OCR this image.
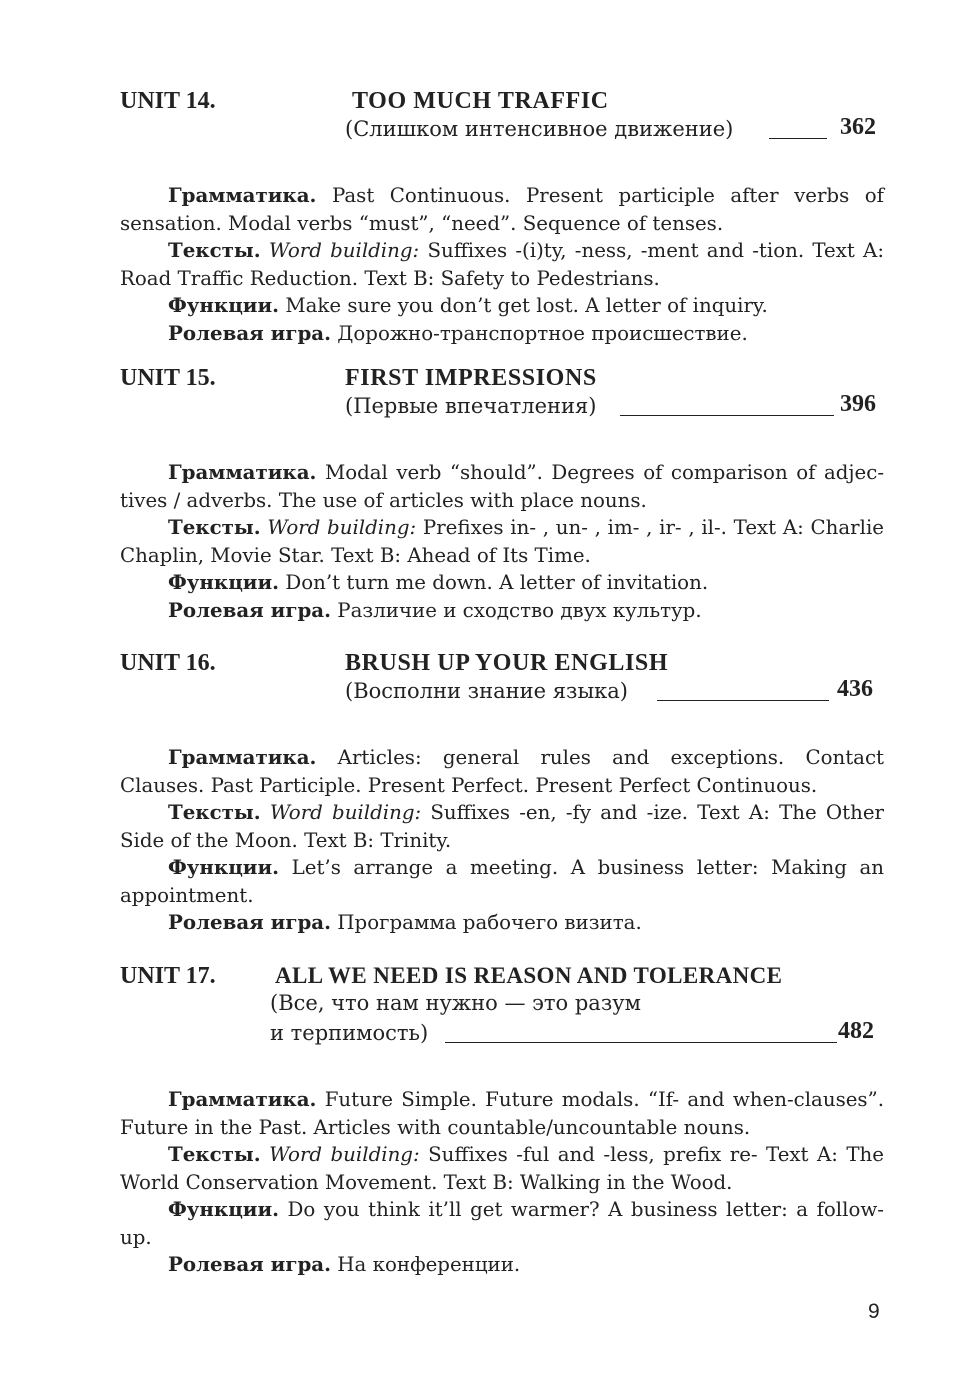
UNIT 14.	TOO MUCH TRAFFIC
(Слишком интенсивное движение)	362

Грамматика. Past Continuous. Present participle after verbs of sensation. Modal verbs “must”, “need”. Sequence of tenses.

Тексты. Word building: Suffixes -(i)ty, -ness, -ment and -tion. Text A: Road Traffic Reduction. Text B: Safety to Pedestrians.

Функции. Make sure you don’t get lost. A letter of inquiry.

Ролевая игра. Дорожно-транспортное происшествие.

UNIT 15.	FIRST IMPRESSIONS
(Первые впечатления)	396

Грамматика. Modal verb “should”. Degrees of comparison of adjec-tives / adverbs. The use of articles with place nouns.

Тексты. Word building: Prefixes in- , un- , im- , ir- , il-. Text A: Charlie Chaplin, Movie Star. Text B: Ahead of Its Time.

Функции. Don’t turn me down. A letter of invitation.

Ролевая игра. Различие и сходство двух культур.

UNIT 16.	BRUSH UP YOUR ENGLISH
(Восполни знание языка)	436

Грамматика. Articles: general rules and exceptions. Contact Clauses. Past Participle. Present Perfect. Present Perfect Continuous.

Тексты. Word building: Suffixes -en, -fy and -ize. Text A: The Other Side of the Moon. Text B: Trinity.

Функции. Let’s arrange a meeting. A business letter: Making an appointment.

Ролевая игра. Программа рабочего визита.

UNIT 17.	ALL WE NEED IS REASON AND TOLERANCE
(Все, что нам нужно — это разум
и терпимость)	482

Грамматика. Future Simple. Future modals. “If- and when-clauses”. Future in the Past. Articles with countable/uncountable nouns.

Тексты. Word building: Suffixes -ful and -less, prefix re- Text A: The World Conservation Movement. Text B: Walking in the Wood.

Функции. Do you think it’ll get warmer? A business letter: a follow-up.

Ролевая игра. На конференции.

9
